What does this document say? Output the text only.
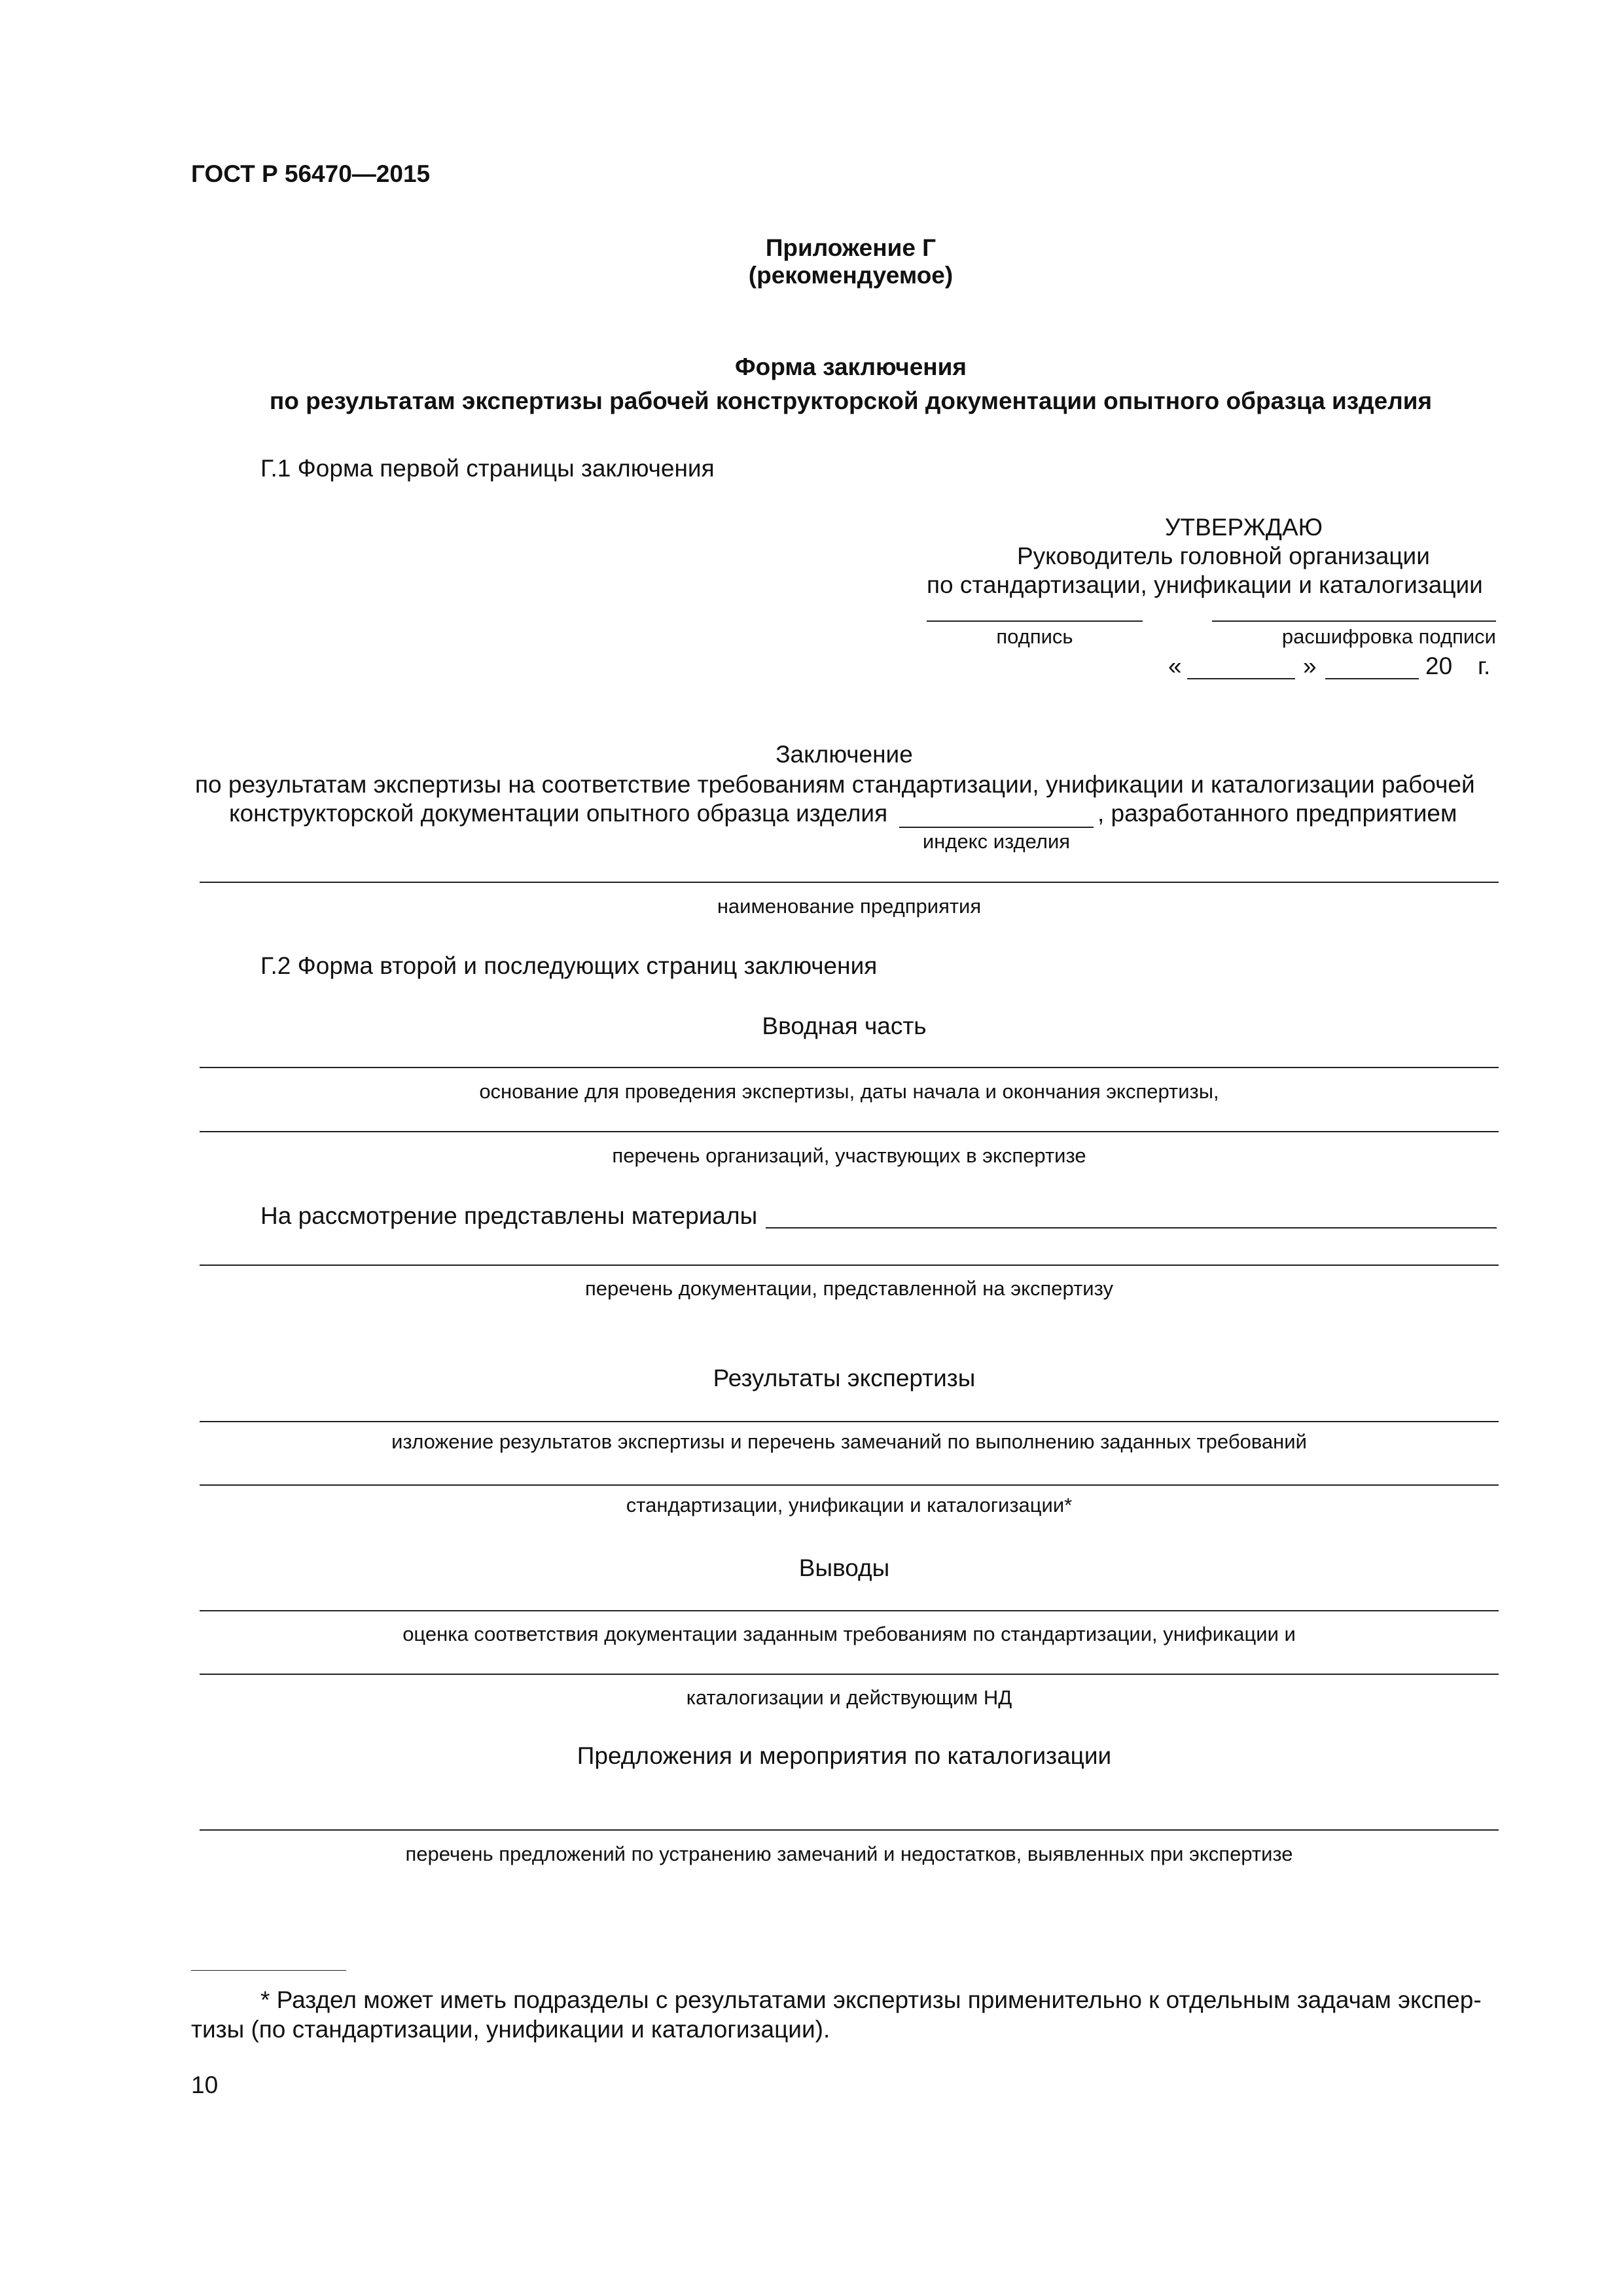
ГОСТ Р 56470—2015
Приложение Г
(рекомендуемое)
Форма заключения
по результатам экспертизы рабочей конструкторской документации опытного образца изделия
Г.1 Форма первой страницы заключения
УТВЕРЖДАЮ
Руководитель головной организации
по стандартизации, унификации и каталогизации
подпись	расшифровка подписи
«	»	20 г.
Заключение
по результатам экспертизы на соответствие требованиям стандартизации, унификации и каталогизации рабочей
конструкторской документации опытного образца изделия	, разработанного предприятием
индекс изделия
наименование предприятия
Г.2 Форма второй и последующих страниц заключения
Вводная часть
основание для проведения экспертизы, даты начала и окончания экспертизы,
перечень организаций, участвующих в экспертизе
На рассмотрение представлены материалы
перечень документации, представленной на экспертизу
Результаты экспертизы
изложение результатов экспертизы и перечень замечаний по выполнению заданных требований
стандартизации, унификации и каталогизации*
Выводы
оценка соответствия документации заданным требованиям по стандартизации, унификации и
каталогизации и действующим НД
Предложения и мероприятия по каталогизации
перечень предложений по устранению замечаний и недостатков, выявленных при экспертизе
* Раздел может иметь подразделы с результатами экспертизы применительно к отдельным задачам экспер-
тизы (по стандартизации, унификации и каталогизации).
10
